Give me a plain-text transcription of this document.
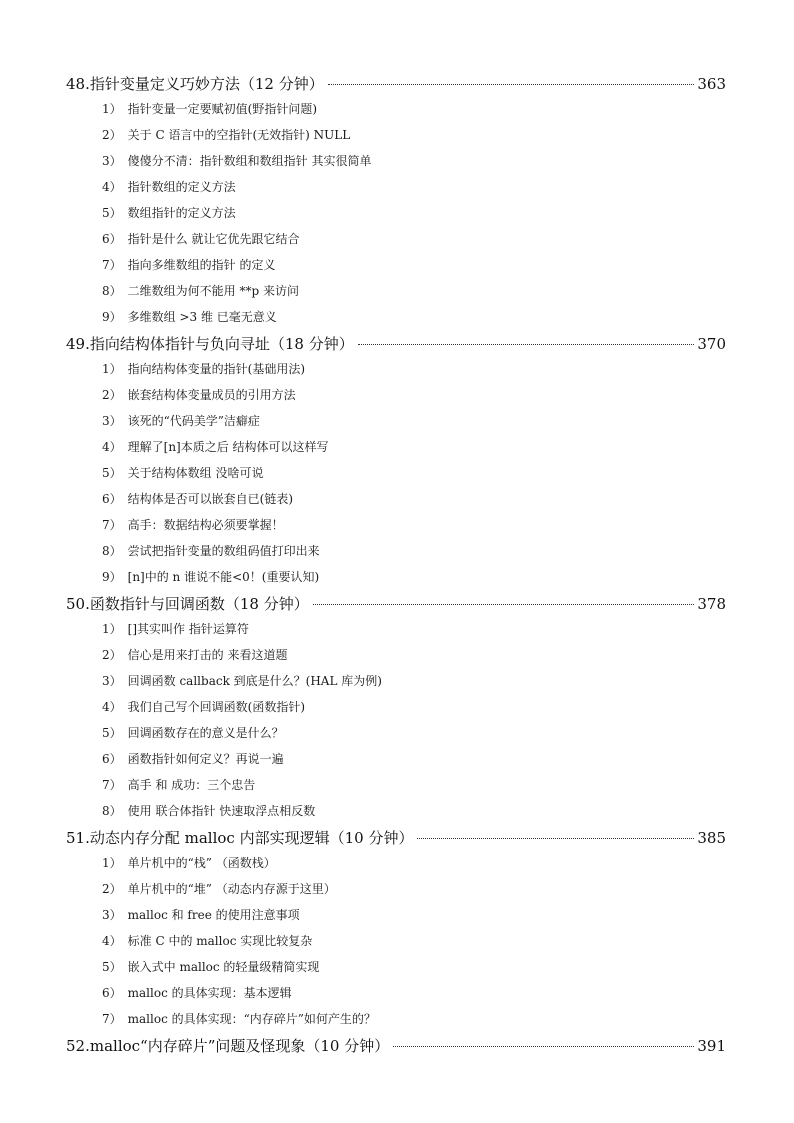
48.指针变量定义巧妙方法（12 分钟）	363
1） 指针变量一定要赋初值(野指针问题)
2） 关于 C 语言中的空指针(无效指针) NULL
3） 傻傻分不清：指针数组和数组指针 其实很简单
4） 指针数组的定义方法
5） 数组指针的定义方法
6） 指针是什么 就让它优先跟它结合
7） 指向多维数组的指针 的定义
8） 二维数组为何不能用 **p 来访问
9） 多维数组 >3 维 已毫无意义
49.指向结构体指针与负向寻址（18 分钟）	370
1） 指向结构体变量的指针(基础用法)
2） 嵌套结构体变量成员的引用方法
3） 该死的“代码美学”洁癖症
4） 理解了[n]本质之后 结构体可以这样写
5） 关于结构体数组 没啥可说
6） 结构体是否可以嵌套自已(链表)
7） 高手：数据结构必须要掌握！
8） 尝试把指针变量的数组码值打印出来
9） [n]中的 n 谁说不能<0！(重要认知)
50.函数指针与回调函数（18 分钟）	378
1） []其实叫作 指针运算符
2） 信心是用来打击的 来看这道题
3） 回调函数 callback 到底是什么？(HAL 库为例)
4） 我们自己写个回调函数(函数指针)
5） 回调函数存在的意义是什么？
6） 函数指针如何定义？再说一遍
7） 高手 和 成功：三个忠告
8） 使用 联合体指针 快速取浮点相反数
51.动态内存分配 malloc 内部实现逻辑（10 分钟）	385
1） 单片机中的“栈” （函数栈）
2） 单片机中的“堆” （动态内存源于这里）
3） malloc 和 free 的使用注意事项
4） 标准 C 中的 malloc 实现比较复杂
5） 嵌入式中 malloc 的轻量级精简实现
6） malloc 的具体实现：基本逻辑
7） malloc 的具体实现：“内存碎片”如何产生的？
52.malloc“内存碎片”问题及怪现象（10 分钟）	391
